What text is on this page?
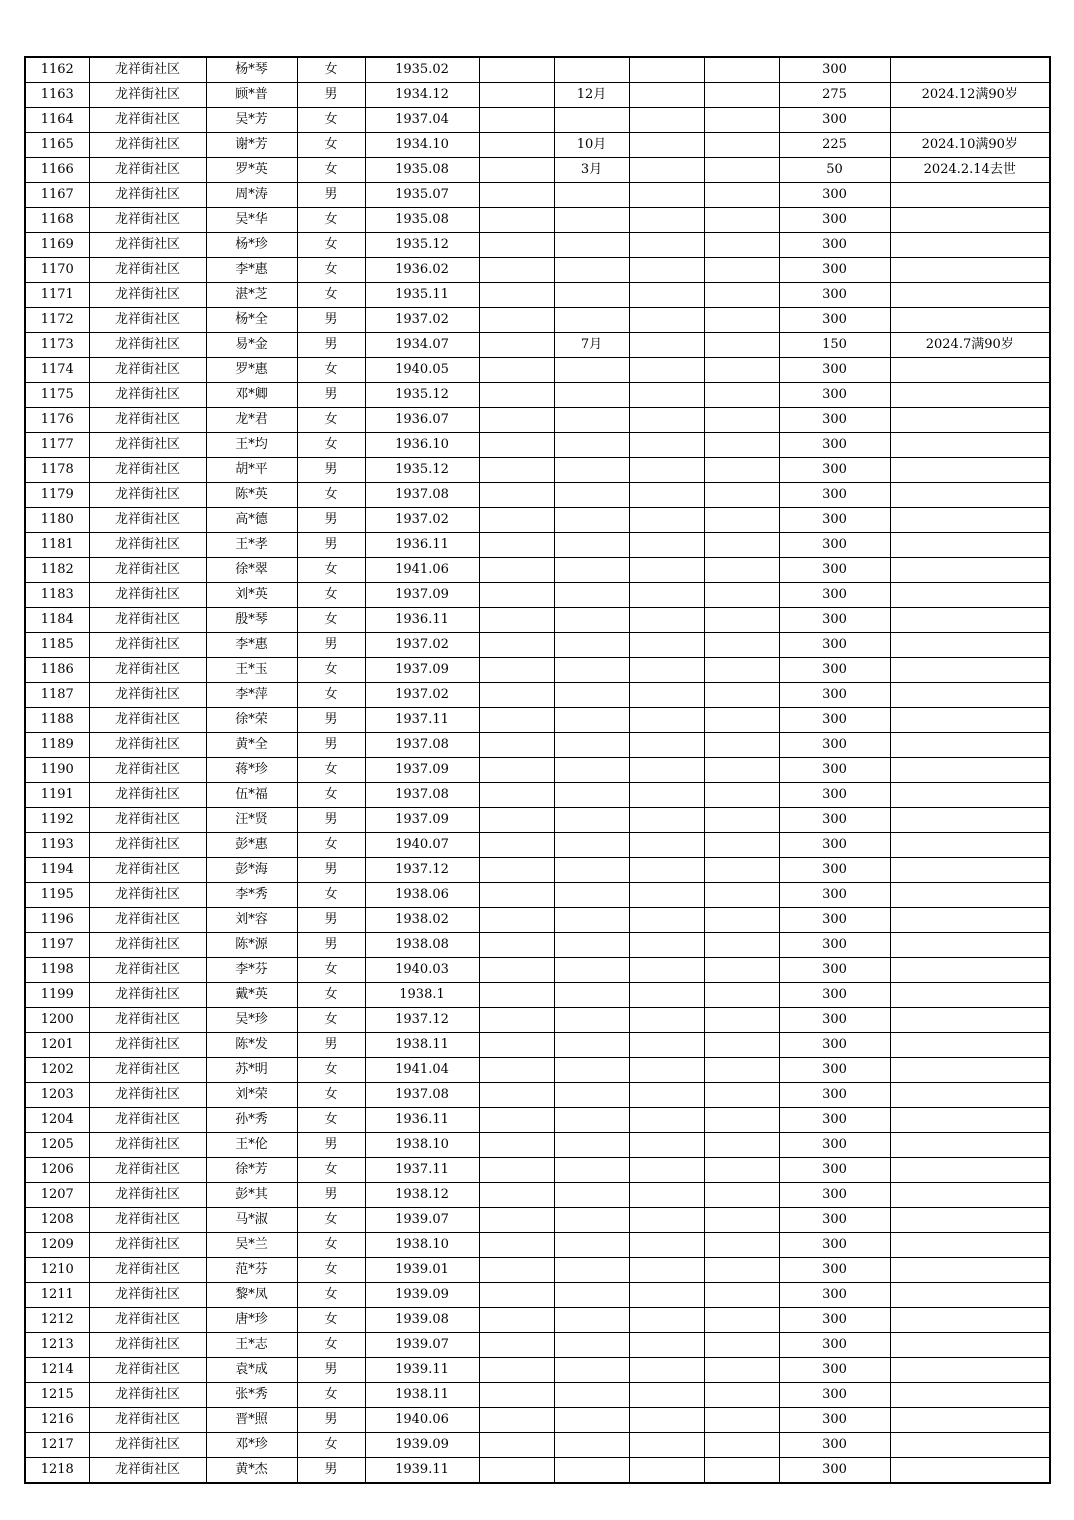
1162	龙祥街社区	杨*琴	女	1935.02					300	
1163	龙祥街社区	顾*普	男	1934.12		12月			275	2024.12满90岁
1164	龙祥街社区	吴*芳	女	1937.04					300	
1165	龙祥街社区	谢*芳	女	1934.10		10月			225	2024.10满90岁
1166	龙祥街社区	罗*英	女	1935.08		3月			50	2024.2.14去世
1167	龙祥街社区	周*涛	男	1935.07					300	
1168	龙祥街社区	吴*华	女	1935.08					300	
1169	龙祥街社区	杨*珍	女	1935.12					300	
1170	龙祥街社区	李*惠	女	1936.02					300	
1171	龙祥街社区	湛*芝	女	1935.11					300	
1172	龙祥街社区	杨*全	男	1937.02					300	
1173	龙祥街社区	易*金	男	1934.07		7月			150	2024.7满90岁
1174	龙祥街社区	罗*惠	女	1940.05					300	
1175	龙祥街社区	邓*卿	男	1935.12					300	
1176	龙祥街社区	龙*君	女	1936.07					300	
1177	龙祥街社区	王*均	女	1936.10					300	
1178	龙祥街社区	胡*平	男	1935.12					300	
1179	龙祥街社区	陈*英	女	1937.08					300	
1180	龙祥街社区	高*德	男	1937.02					300	
1181	龙祥街社区	王*孝	男	1936.11					300	
1182	龙祥街社区	徐*翠	女	1941.06					300	
1183	龙祥街社区	刘*英	女	1937.09					300	
1184	龙祥街社区	殷*琴	女	1936.11					300	
1185	龙祥街社区	李*惠	男	1937.02					300	
1186	龙祥街社区	王*玉	女	1937.09					300	
1187	龙祥街社区	李*萍	女	1937.02					300	
1188	龙祥街社区	徐*荣	男	1937.11					300	
1189	龙祥街社区	黄*全	男	1937.08					300	
1190	龙祥街社区	蒋*珍	女	1937.09					300	
1191	龙祥街社区	伍*福	女	1937.08					300	
1192	龙祥街社区	汪*贤	男	1937.09					300	
1193	龙祥街社区	彭*惠	女	1940.07					300	
1194	龙祥街社区	彭*海	男	1937.12					300	
1195	龙祥街社区	李*秀	女	1938.06					300	
1196	龙祥街社区	刘*容	男	1938.02					300	
1197	龙祥街社区	陈*源	男	1938.08					300	
1198	龙祥街社区	李*芬	女	1940.03					300	
1199	龙祥街社区	戴*英	女	1938.1					300	
1200	龙祥街社区	吴*珍	女	1937.12					300	
1201	龙祥街社区	陈*发	男	1938.11					300	
1202	龙祥街社区	苏*明	女	1941.04					300	
1203	龙祥街社区	刘*荣	女	1937.08					300	
1204	龙祥街社区	孙*秀	女	1936.11					300	
1205	龙祥街社区	王*伦	男	1938.10					300	
1206	龙祥街社区	徐*芳	女	1937.11					300	
1207	龙祥街社区	彭*其	男	1938.12					300	
1208	龙祥街社区	马*淑	女	1939.07					300	
1209	龙祥街社区	吴*兰	女	1938.10					300	
1210	龙祥街社区	范*芬	女	1939.01					300	
1211	龙祥街社区	黎*凤	女	1939.09					300	
1212	龙祥街社区	唐*珍	女	1939.08					300	
1213	龙祥街社区	王*志	女	1939.07					300	
1214	龙祥街社区	袁*成	男	1939.11					300	
1215	龙祥街社区	张*秀	女	1938.11					300	
1216	龙祥街社区	晋*照	男	1940.06					300	
1217	龙祥街社区	邓*珍	女	1939.09					300	
1218	龙祥街社区	黄*杰	男	1939.11					300	
